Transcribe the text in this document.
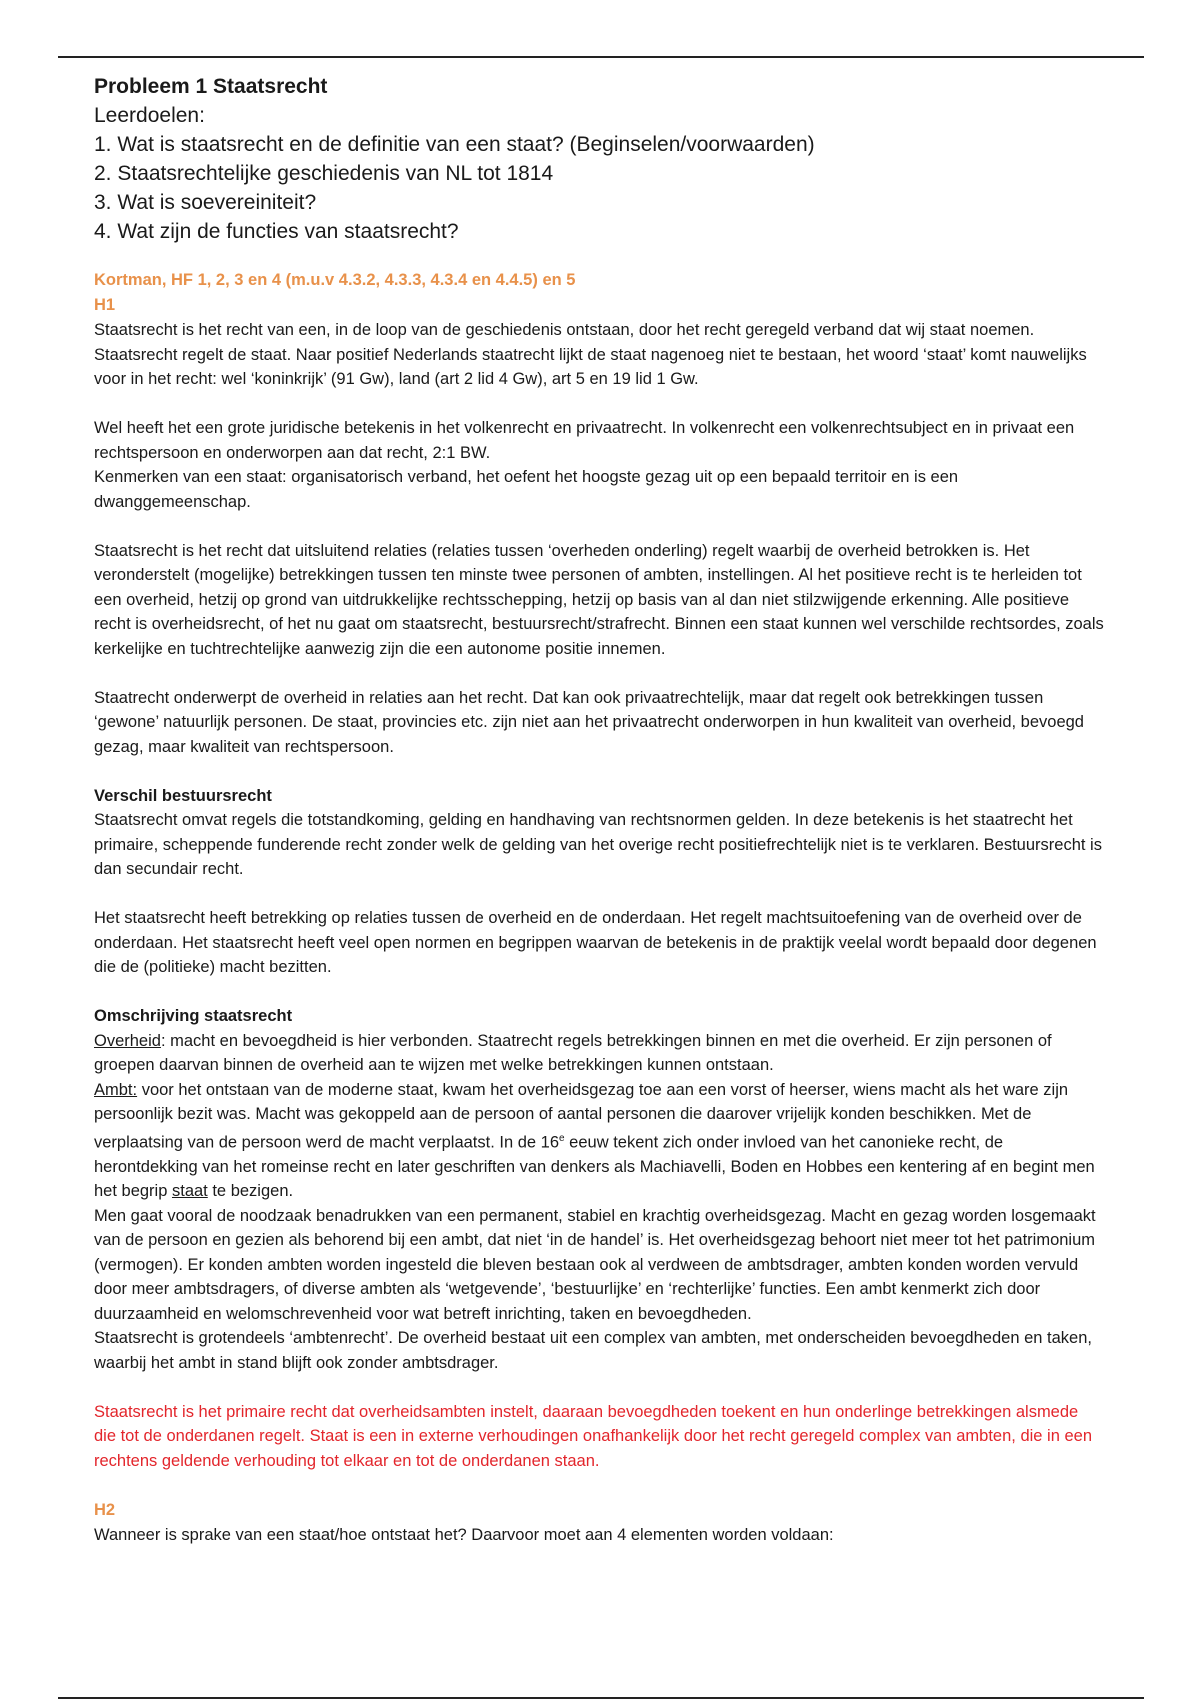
Probleem 1 Staatsrecht

Leerdoelen:

1. Wat is staatsrecht en de definitie van een staat? (Beginselen/voorwaarden)

2. Staatsrechtelijke geschiedenis van NL tot 1814

3. Wat is soevereiniteit?

4. Wat zijn de functies van staatsrecht?

Kortman, HF 1, 2, 3 en 4 (m.u.v 4.3.2, 4.3.3, 4.3.4 en 4.4.5) en 5

H1

Staatsrecht is het recht van een, in de loop van de geschiedenis ontstaan, door het recht geregeld verband dat wij staat noemen. Staatsrecht regelt de staat. Naar positief Nederlands staatrecht lijkt de staat nagenoeg niet te bestaan, het woord ‘staat’ komt nauwelijks voor in het recht: wel ‘koninkrijk’ (91 Gw), land (art 2 lid 4 Gw), art 5 en 19 lid 1 Gw.

Wel heeft het een grote juridische betekenis in het volkenrecht en privaatrecht. In volkenrecht een volkenrechtsubject en in privaat een rechtspersoon en onderworpen aan dat recht, 2:1 BW.

Kenmerken van een staat: organisatorisch verband, het oefent het hoogste gezag uit op een bepaald territoir en is een dwanggemeenschap.

Staatsrecht is het recht dat uitsluitend relaties (relaties tussen ‘overheden onderling) regelt waarbij de overheid betrokken is. Het veronderstelt (mogelijke) betrekkingen tussen ten minste twee personen of ambten, instellingen. Al het positieve recht is te herleiden tot een overheid, hetzij op grond van uitdrukkelijke rechtsschepping, hetzij op basis van al dan niet stilzwijgende erkenning. Alle positieve recht is overheidsrecht, of het nu gaat om staatsrecht, bestuursrecht/strafrecht. Binnen een staat kunnen wel verschilde rechtsordes, zoals kerkelijke en tuchtrechtelijke aanwezig zijn die een autonome positie innemen.

Staatrecht onderwerpt de overheid in relaties aan het recht. Dat kan ook privaatrechtelijk, maar dat regelt ook betrekkingen tussen ‘gewone’ natuurlijk personen. De staat, provincies etc. zijn niet aan het privaatrecht onderworpen in hun kwaliteit van overheid, bevoegd gezag, maar kwaliteit van rechtspersoon.

Verschil bestuursrecht

Staatsrecht omvat regels die totstandkoming, gelding en handhaving van rechtsnormen gelden. In deze betekenis is het staatrecht het primaire, scheppende funderende recht zonder welk de gelding van het overige recht positiefrechtelijk niet is te verklaren. Bestuursrecht is dan secundair recht.

Het staatsrecht heeft betrekking op relaties tussen de overheid en de onderdaan. Het regelt machtsuitoefening van de overheid over de onderdaan. Het staatsrecht heeft veel open normen en begrippen waarvan de betekenis in de praktijk veelal wordt bepaald door degenen die de (politieke) macht bezitten.

Omschrijving staatsrecht

Overheid: macht en bevoegdheid is hier verbonden. Staatrecht regels betrekkingen binnen en met die overheid. Er zijn personen of groepen daarvan binnen de overheid aan te wijzen met welke betrekkingen kunnen ontstaan.

Ambt: voor het ontstaan van de moderne staat, kwam het overheidsgezag toe aan een vorst of heerser, wiens macht als het ware zijn persoonlijk bezit was. Macht was gekoppeld aan de persoon of aantal personen die daarover vrijelijk konden beschikken. Met de verplaatsing van de persoon werd de macht verplaatst. In de 16e eeuw tekent zich onder invloed van het canonieke recht, de herontdekking van het romeinse recht en later geschriften van denkers als Machiavelli, Boden en Hobbes een kentering af en begint men het begrip staat te bezigen.

Men gaat vooral de noodzaak benadrukken van een permanent, stabiel en krachtig overheidsgezag. Macht en gezag worden losgemaakt van de persoon en gezien als behorend bij een ambt, dat niet ‘in de handel’ is. Het overheidsgezag behoort niet meer tot het patrimonium (vermogen). Er konden ambten worden ingesteld die bleven bestaan ook al verdween de ambtsdrager, ambten konden worden vervuld door meer ambtsdragers, of diverse ambten als ‘wetgevende’, ‘bestuurlijke’ en ‘rechterlijke’ functies. Een ambt kenmerkt zich door duurzaamheid en welomschrevenheid voor wat betreft inrichting, taken en bevoegdheden.

Staatsrecht is grotendeels ‘ambtenrecht’. De overheid bestaat uit een complex van ambten, met onderscheiden bevoegdheden en taken, waarbij het ambt in stand blijft ook zonder ambtsdrager.

Staatsrecht is het primaire recht dat overheidsambten instelt, daaraan bevoegdheden toekent en hun onderlinge betrekkingen alsmede die tot de onderdanen regelt. Staat is een in externe verhoudingen onafhankelijk door het recht geregeld complex van ambten, die in een rechtens geldende verhouding tot elkaar en tot de onderdanen staan.

H2

Wanneer is sprake van een staat/hoe ontstaat het? Daarvoor moet aan 4 elementen worden voldaan:
